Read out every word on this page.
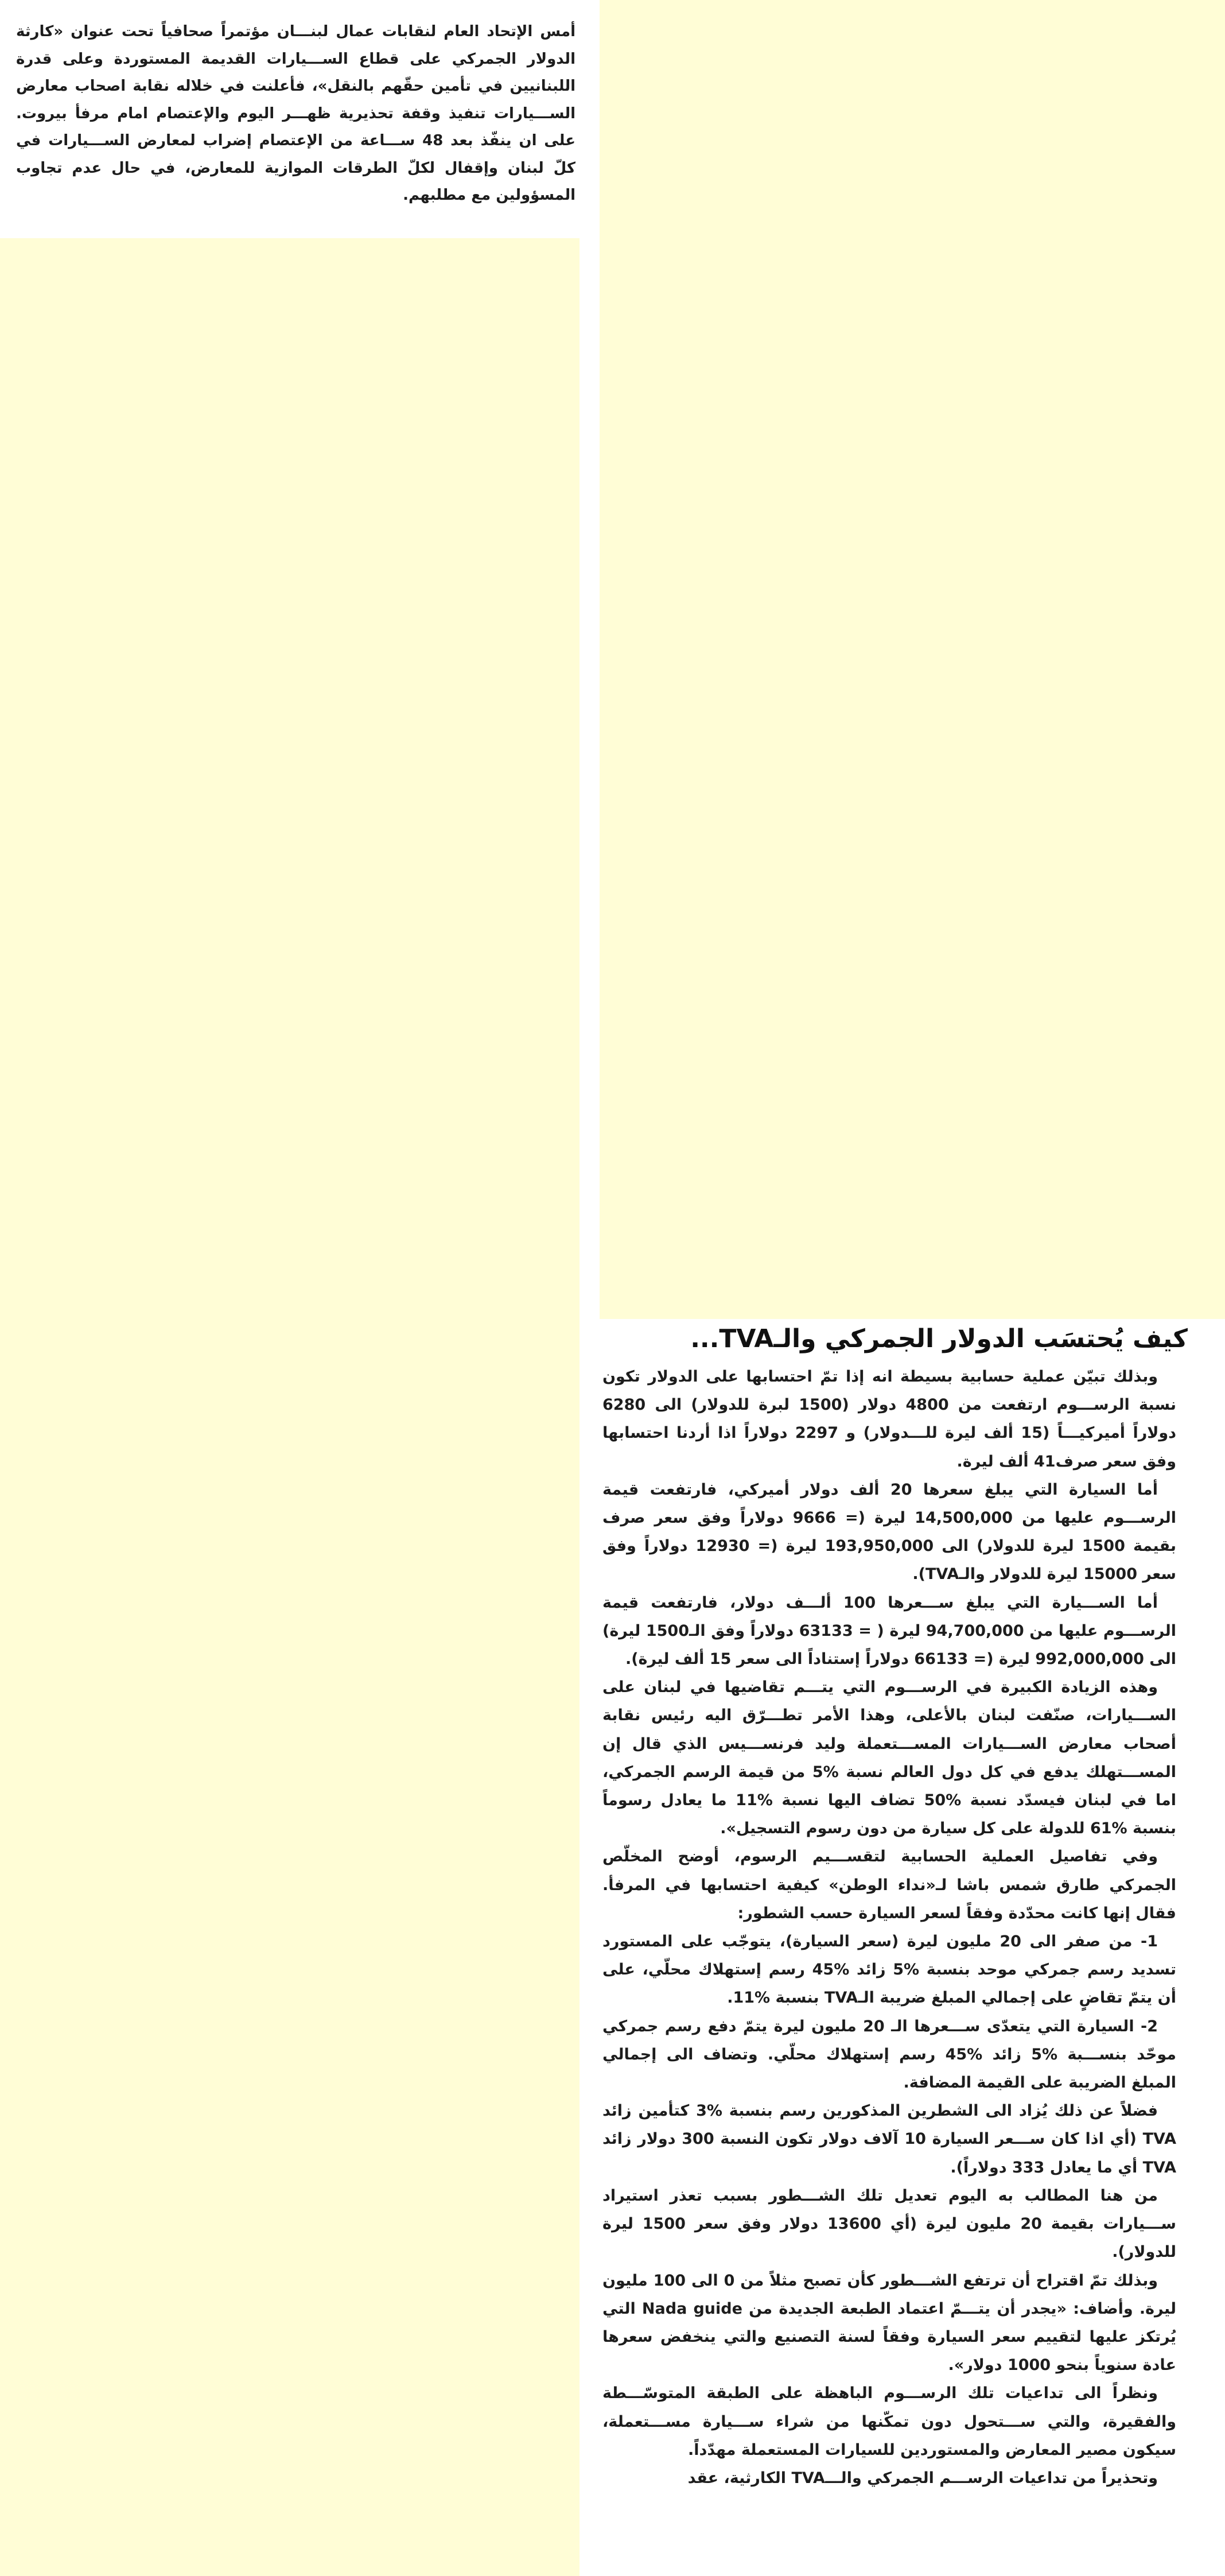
أمس الإتحاد العام لنقابات عمال لبنـــان مؤتمراً صحافياً تحت عنوان «كارثة الدولار الجمركي على قطاع الســـيارات القديمة المستوردة وعلى قدرة اللبنانيين في تأمين حقّهم بالنقل»، فأعلنت في خلاله نقابة اصحاب معارض الســـيارات تنفيذ وقفة تحذيرية ظهـــر اليوم والإعتصام امام مرفأ بيروت. على ان ينفّذ بعد 48 ســـاعة من الإعتصام إضراب لمعارض الســـيارات في كلّ لبنان وإقفال لكلّ الطرقات الموازية للمعارض، في حال عدم تجاوب المسؤولين مع مطلبهم.
كيف يُحتسَب الدولار الجمركي والـTVA...

وبذلك تبيّن عملية حسابية بسيطة انه إذا تمّ احتسابها على الدولار تكون نسبة الرســـوم ارتفعت من 4800 دولار (1500 لبرة للدولار) الى 6280 دولاراً أميركيـــاً (15 ألف ليرة للـــدولار) و 2297 دولاراً اذا أردنا احتسابها وفق سعر صرف41 ألف ليرة.

أما السيارة التي يبلغ سعرها 20 ألف دولار أميركي، فارتفعت قيمة الرســـوم عليها من 14,500,000 ليرة (= 9666 دولاراً وفق سعر صرف بقيمة 1500 ليرة للدولار) الى 193,950,000 ليرة (= 12930 دولاراً وفق سعر 15000 ليرة للدولار والـTVA).

أما الســـيارة التي يبلغ ســـعرها 100 ألـــف دولار، فارتفعت قيمة الرســـوم عليها من 94,700,000 ليرة ( = 63133 دولاراً وفق الـ1500 ليرة) الى 992,000,000 ليرة (= 66133 دولاراً إستناداً الى سعر 15 ألف ليرة).

وهذه الزيادة الكبيرة في الرســـوم التي يتـــم تقاضيها في لبنان على الســـيارات، صنّفت لبنان بالأعلى، وهذا الأمر تطـــرّق اليه رئيس نقابة أصحاب معارض الســـيارات المســـتعملة وليد فرنســـيس الذي قال إن المســـتهلك يدفع في كل دول العالم نسبة %5 من قيمة الرسم الجمركي، اما في لبنان فيسدّد نسبة %50 تضاف اليها نسبة %11 ما يعادل رسوماً بنسبة %61 للدولة على كل سيارة من دون رسوم التسجيل».

وفي تفاصيل العملية الحسابية لتقســـيم الرسوم، أوضح المخلّص الجمركي طارق شمس باشا لـ«نداء الوطن» كيفية احتسابها في المرفأ. فقال إنها كانت محدّدة وفقاً لسعر السيارة حسب الشطور:

1- من صفر الى 20 مليون ليرة (سعر السيارة)، يتوجّب على المستورد تسديد رسم جمركي موحد بنسبة %5 زائد %45 رسم إستهلاك محلّي، على أن يتمّ تقاضٍ على إجمالي المبلغ ضريبة الـTVA بنسبة %11.

2- السيارة التي يتعدّى ســـعرها الـ 20 مليون ليرة يتمّ دفع رسم جمركي موحّد بنســـبة %5 زائد %45 رسم إستهلاك محلّي. وتضاف الى إجمالي المبلغ الضريبة على القيمة المضافة.

فضلاً عن ذلك يُزاد الى الشطرين المذكورين رسم بنسبة %3 كتأمين زائد TVA (أي اذا كان ســـعر السيارة 10 آلاف دولار تكون النسبة 300 دولار زائد TVA أي ما يعادل 333 دولاراً).

من هنا المطالب به اليوم تعديل تلك الشـــطور بسبب تعذر استيراد ســـيارات بقيمة 20 مليون ليرة (أي 13600 دولار وفق سعر 1500 ليرة للدولار).

وبذلك تمّ اقتراح أن ترتفع الشـــطور كأن تصبح مثلاً من 0 الى 100 مليون ليرة. وأضاف: «يجدر أن يتـــمّ اعتماد الطبعة الجديدة من Nada guide التي يُرتكز عليها لتقييم سعر السيارة وفقاً لسنة التصنيع والتي ينخفض سعرها عادة سنوياً بنحو 1000 دولار».

ونظراً الى تداعيات تلك الرســـوم الباهظة على الطبقة المتوسّـــطة والفقيرة، والتي ســـتحول دون تمكّنها من شراء ســـيارة مســـتعملة، سيكون مصير المعارض والمستوردين للسيارات المستعملة مهدّداً.

وتحذيراً من تداعيات الرســـم الجمركي والـــTVA الكارثية، عقد
